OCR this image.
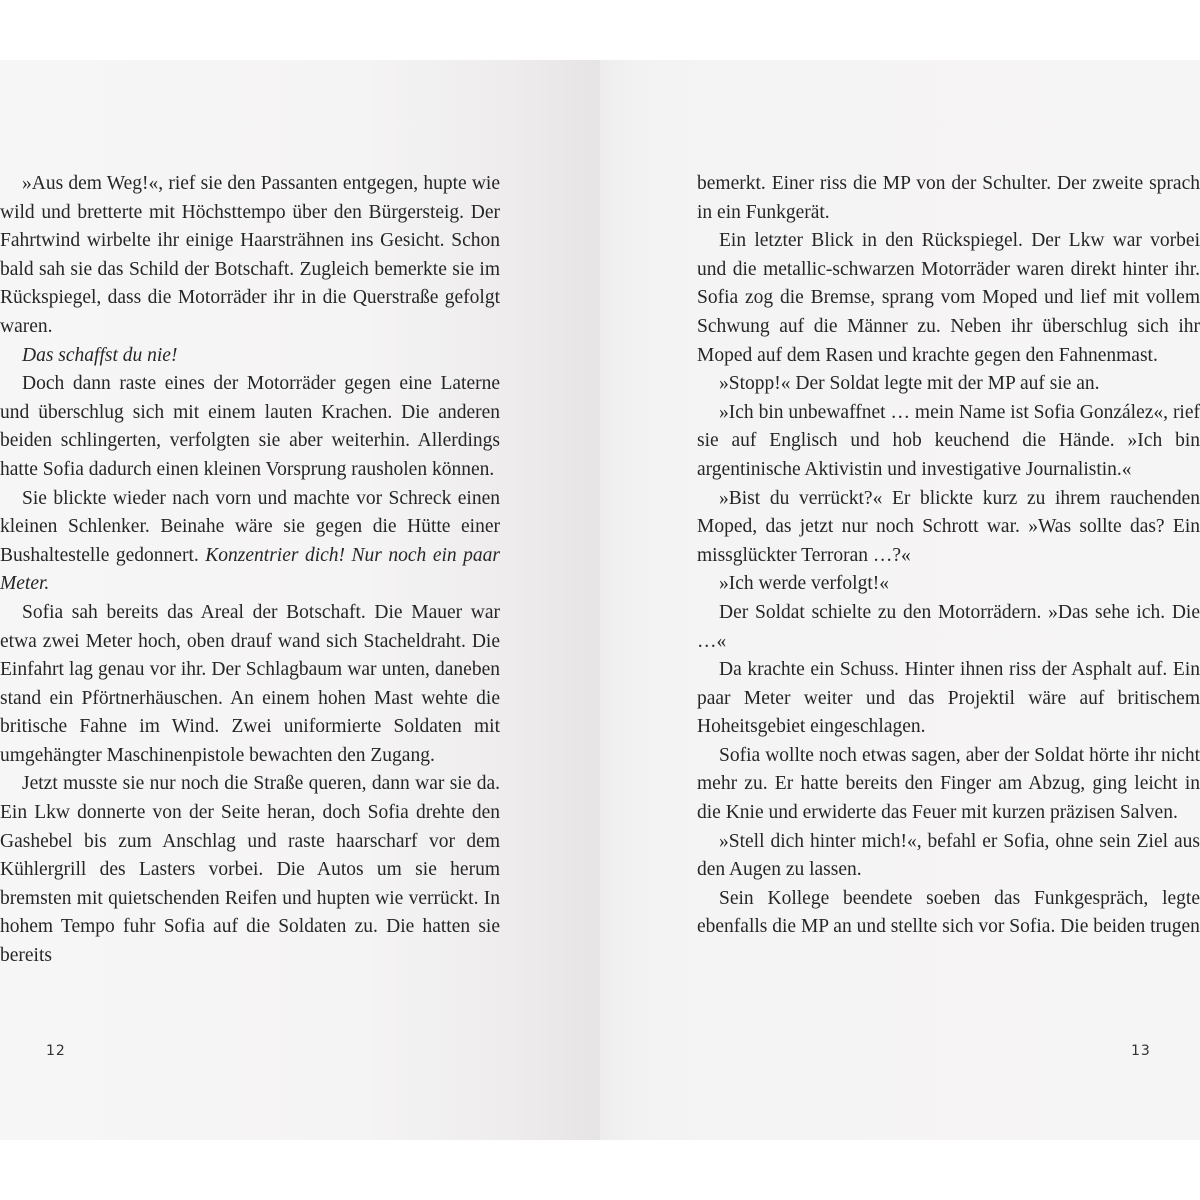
»Aus dem Weg!«, rief sie den Passanten entgegen, hupte wie wild und bretterte mit Höchsttempo über den Bürgersteig. Der Fahrtwind wirbelte ihr einige Haarsträhnen ins Gesicht. Schon bald sah sie das Schild der Botschaft. Zugleich bemerkte sie im Rückspiegel, dass die Motorräder ihr in die Querstraße gefolgt waren.

Das schaffst du nie!

Doch dann raste eines der Motorräder gegen eine Laterne und überschlug sich mit einem lauten Krachen. Die anderen beiden schlingerten, verfolgten sie aber weiterhin. Allerdings hatte Sofia dadurch einen kleinen Vorsprung rausholen können.

Sie blickte wieder nach vorn und machte vor Schreck einen kleinen Schlenker. Beinahe wäre sie gegen die Hütte einer Bushaltestelle gedonnert. Konzentrier dich! Nur noch ein paar Meter.

Sofia sah bereits das Areal der Botschaft. Die Mauer war etwa zwei Meter hoch, oben drauf wand sich Stacheldraht. Die Einfahrt lag genau vor ihr. Der Schlagbaum war unten, daneben stand ein Pförtnerhäuschen. An einem hohen Mast wehte die britische Fahne im Wind. Zwei uniformierte Soldaten mit umgehängter Maschinenpistole bewachten den Zugang.

Jetzt musste sie nur noch die Straße queren, dann war sie da. Ein Lkw donnerte von der Seite heran, doch Sofia drehte den Gashebel bis zum Anschlag und raste haarscharf vor dem Kühlergrill des Lasters vorbei. Die Autos um sie herum bremsten mit quietschenden Reifen und hupten wie verrückt. In hohem Tempo fuhr Sofia auf die Soldaten zu. Die hatten sie bereits

12

bemerkt. Einer riss die MP von der Schulter. Der zweite sprach in ein Funkgerät.

Ein letzter Blick in den Rückspiegel. Der Lkw war vorbei und die metallic-schwarzen Motorräder waren direkt hinter ihr. Sofia zog die Bremse, sprang vom Moped und lief mit vollem Schwung auf die Männer zu. Neben ihr überschlug sich ihr Moped auf dem Rasen und krachte gegen den Fahnenmast.

»Stopp!« Der Soldat legte mit der MP auf sie an.

»Ich bin unbewaffnet … mein Name ist Sofia González«, rief sie auf Englisch und hob keuchend die Hände. »Ich bin argentinische Aktivistin und investigative Journalistin.«

»Bist du verrückt?« Er blickte kurz zu ihrem rauchenden Moped, das jetzt nur noch Schrott war. »Was sollte das? Ein missglückter Terroran …?«

»Ich werde verfolgt!«

Der Soldat schielte zu den Motorrädern. »Das sehe ich. Die …«

Da krachte ein Schuss. Hinter ihnen riss der Asphalt auf. Ein paar Meter weiter und das Projektil wäre auf britischem Hoheitsgebiet eingeschlagen.

Sofia wollte noch etwas sagen, aber der Soldat hörte ihr nicht mehr zu. Er hatte bereits den Finger am Abzug, ging leicht in die Knie und erwiderte das Feuer mit kurzen präzisen Salven.

»Stell dich hinter mich!«, befahl er Sofia, ohne sein Ziel aus den Augen zu lassen.

Sein Kollege beendete soeben das Funkgespräch, legte ebenfalls die MP an und stellte sich vor Sofia. Die beiden trugen

13
